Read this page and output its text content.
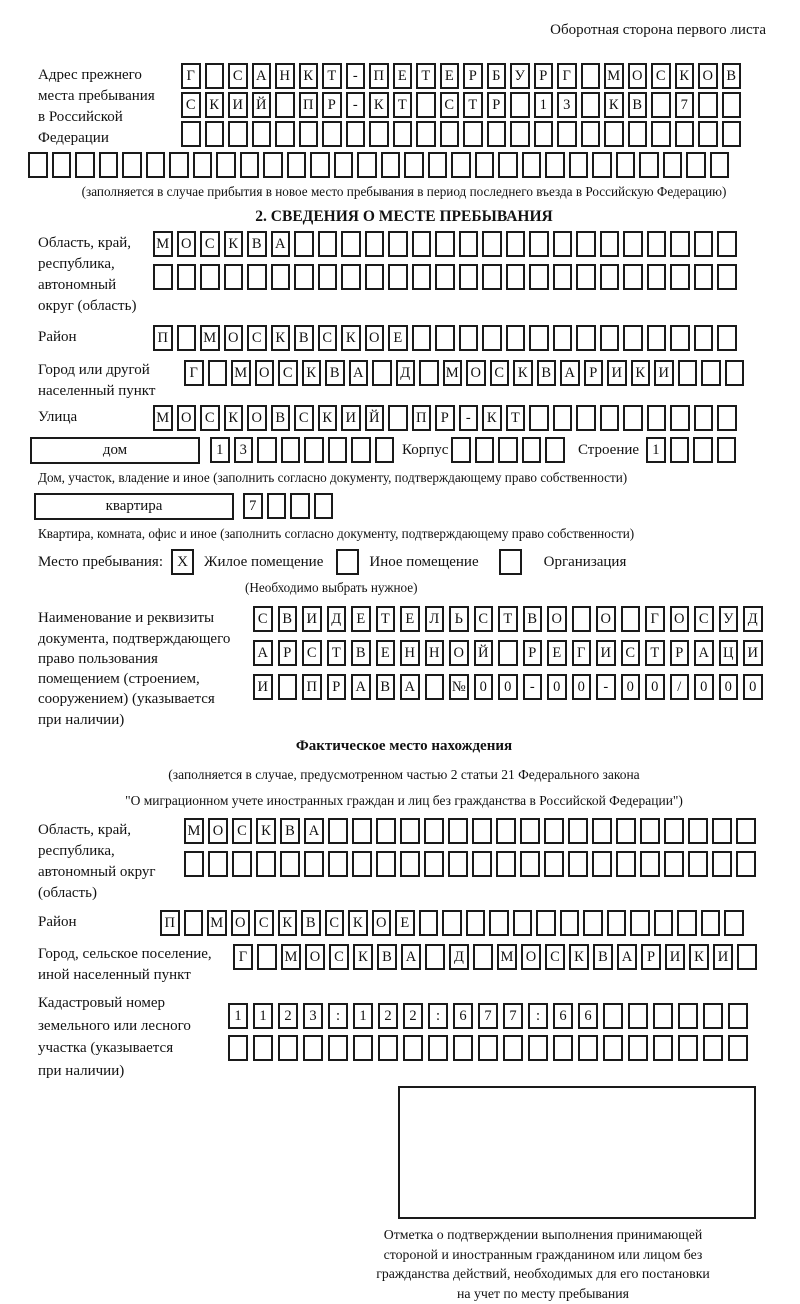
Оборотная сторона первого листа
Адрес прежнего
места пребывания
в Российской
Федерации
Г	С А Н К Т	-	П Е	Т	Е	Р	Б У Р	Г	М О С К О В
С К И Й	П Р	-	К Т	С Т	Р	1	3	К В	7
(заполняется в случае прибытия в новое место пребывания в период последнего въезда в Российскую Федерацию)
2. СВЕДЕНИЯ О МЕСТЕ ПРЕБЫВАНИЯ
Область, край,
республика,
автономный
округ (область)
М О С К В А
Район	П	М О С К В С К О Е
Город или другой
населенный пункт
Г	М О С К В А	Д	М О С К В А Р И К И
Улица	М О С К О В С К И Й	П Р	-	К Т
дом	1	3	Корпус	Строение 1
Дом, участок, владение и иное (заполнить согласно документу, подтверждающему право собственности)
квартира	7
Квартира, комната, офис и иное (заполнить согласно документу, подтверждающему право собственности)
Место пребывания: X	Жилое помещение	Иное помещение	Организация
(Необходимо выбрать нужное)
Наименование и реквизиты
документа, подтверждающего
право пользования
помещением (строением,
сооружением) (указывается
при наличии)
С	В И Д	Е	Т	Е	Л	Ь	С	Т	В О	О	Г	О С	У Д
А	Р	С	Т	В	Е	Н Н О Й	Р	Е	Г	И С	Т	Р	А Ц И
И	П	Р	А В А	№ 0	0	-	0	0	-	0	0	/	0	0	0
Фактическое место нахождения
(заполняется в случае, предусмотренном частью 2 статьи 21 Федерального закона
"О миграционном учете иностранных граждан и лиц без гражданства в Российской Федерации")
Область, край,
республика,
автономный округ
(область)
М О С К В А
Район	П	М О С К В С К О Е
Город, сельское поселение,
иной населенный пункт
Г	М О С К В А	Д	М О С К В А	Р	И К И
Кадастровый номер
земельного или лесного
участка (указывается
при наличии)
1	1	2	3	:	1	2	2	:	6	7	7	:	6	6
Отметка о подтверждении выполнения принимающей
стороной и иностранным гражданином или лицом без
гражданства действий, необходимых для его постановки
на учет по месту пребывания
